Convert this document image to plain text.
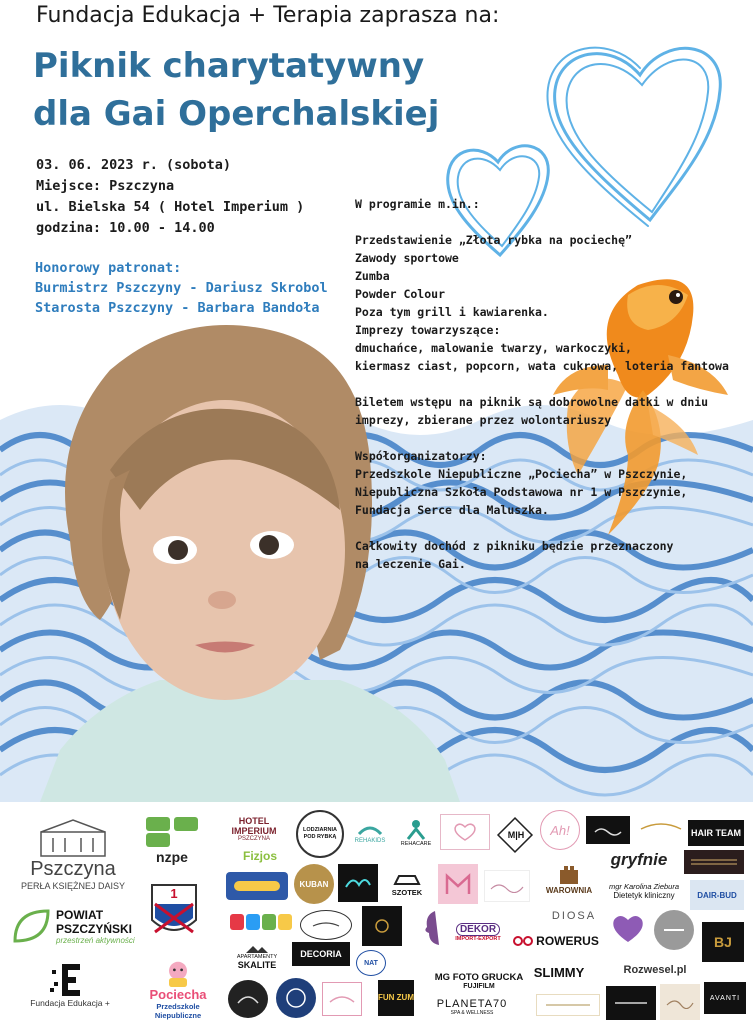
Fundacja Edukacja + Terapia zaprasza na:
Piknik charytatywny
dla Gai Operchalskiej
03. 06. 2023 r. (sobota)
Miejsce: Pszczyna
ul. Bielska 54 ( Hotel Imperium )
godzina: 10.00 - 14.00
Honorowy patronat:
Burmistrz Pszczyny - Dariusz Skrobol
Starosta Pszczyny - Barbara Bandoła

W programie m.in.:

Przedstawienie „Złota rybka na pociechę”

Zawody sportowe

Zumba

Powder Colour

Poza tym grill i kawiarenka.

Imprezy towarzyszące:

dmuchańce, malowanie twarzy, warkoczyki,

kiermasz ciast, popcorn, wata cukrowa, loteria fantowa

Biletem wstępu na piknik są dobrowolne datki w dniu

imprezy, zbierane przez wolontariuszy

Współorganizatorzy:

Przedszkole Niepubliczne „Pociecha” w Pszczynie,

Niepubliczna Szkoła Podstawowa nr 1 w Pszczynie,

Fundacja Serce dla Maluszka.

Całkowity dochód z pikniku będzie przeznaczony

na leczenie Gai.

Pszczyna
PERŁA KSIĘŻNEJ DAISY
POWIAT
PSZCZYŃSKI
przestrzeń aktywności
Fundacja Edukacja +
nzpe
1
Pociecha
Przedszkole Niepubliczne
HOTEL IMPERIUM
PSZCZYNA
Fizjos
LODZIARNIA POD RYBKĄ
REHAKIDS	REHACARE
M|H Ah!	HAIR TEAM
gryfnie
KUBAN
SZOTEK	WAROWNIA mgr Karolina Ziebura
Dietetyk kliniczny	DAIR-BUD
DEKOR
IMPORT-EXPORT
DIOSA
BJ
APARTAMENTY
SKALITE
DECORIA
NAT
ROWERUS
MG FOTO GRUCKA
FUJIFILM
SLIMMY	Rozwesel.pl
PLANETA70
SPA & WELLNESS
FUN ZUM	AVANTI
